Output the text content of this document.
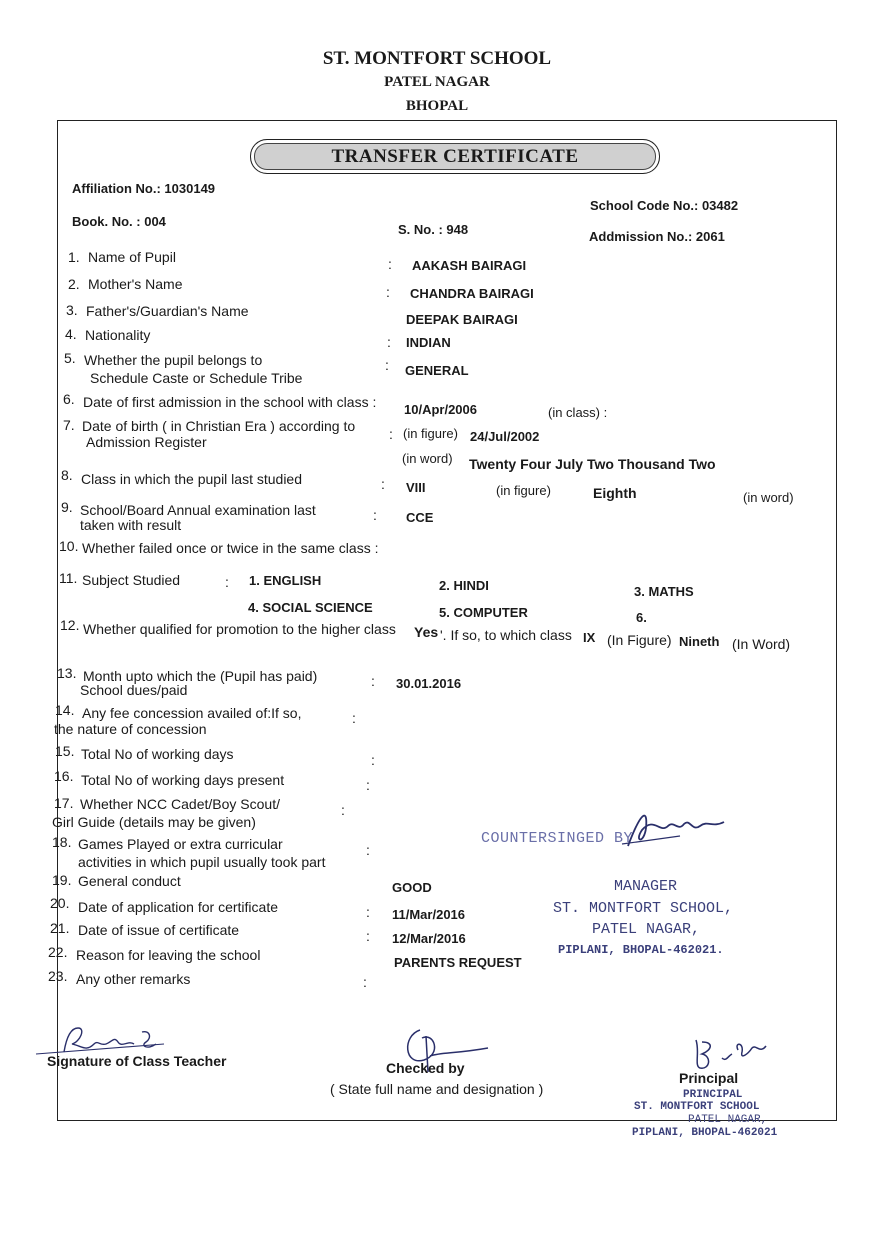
ST. MONTFORT SCHOOL
PATEL NAGAR
BHOPAL
TRANSFER CERTIFICATE
Affiliation No.: 1030149
Book. No. : 004
S. No. : 948
School Code No.: 03482
Addmission No.: 2061
1. Name of Pupil	: AAKASH BAIRAGI
2. Mother's Name	: CHANDRA BAIRAGI
3. Father's/Guardian's Name
DEEPAK BAIRAGI
4. Nationality	: INDIAN
5. Whether the pupil belongs to
Schedule Caste or Schedule Tribe
: GENERAL
6. Date of first admission in the school with class : 10/Apr/2006	(in class) :
7. Date of birth ( in Christian Era ) according to
Admission Register	: (in figure) 24/Jul/2002
(in word) Twenty Four July Two Thousand Two
8. Class in which the pupil last studied	: VIII	(in figure)	Eighth	(in word)
9. School/Board Annual examination last
taken with result
: CCE
10. Whether failed once or twice in the same class :
11. Subject Studied	: 1. ENGLISH	2. HINDI	3. MATHS
4. SOCIAL SCIENCE	5. COMPUTER	6.
12. Whether qualified for promotion to the higher class Yes '. If so, to which class IX (In Figure) Nineth (In Word)
13. Month upto which the (Pupil has paid)
School dues/paid
: 30.01.2016
14. Any fee concession availed of:If so,
the nature of concession
:
15. Total No of working days	:
16. Total No of working days present	:
17. Whether NCC Cadet/Boy Scout/
Girl Guide (details may be given)
:
18. Games Played or extra curricular
activities in which pupil usually took part
:
19. General conduct	GOOD
20. Date of application for certificate	: 11/Mar/2016
21. Date of issue of certificate	: 12/Mar/2016
22. Reason for leaving the school	PARENTS REQUEST
23. Any other remarks	:
COUNTERSINGED BY
MANAGER
ST. MONTFORT SCHOOL,
PATEL NAGAR,
PIPLANI, BHOPAL-462021.
Signature of Class Teacher	Checked by
( State full name and designation )
Principal
PRINCIPAL
ST. MONTFORT SCHOOL
PATEL NAGAR,
PIPLANI, BHOPAL-462021
